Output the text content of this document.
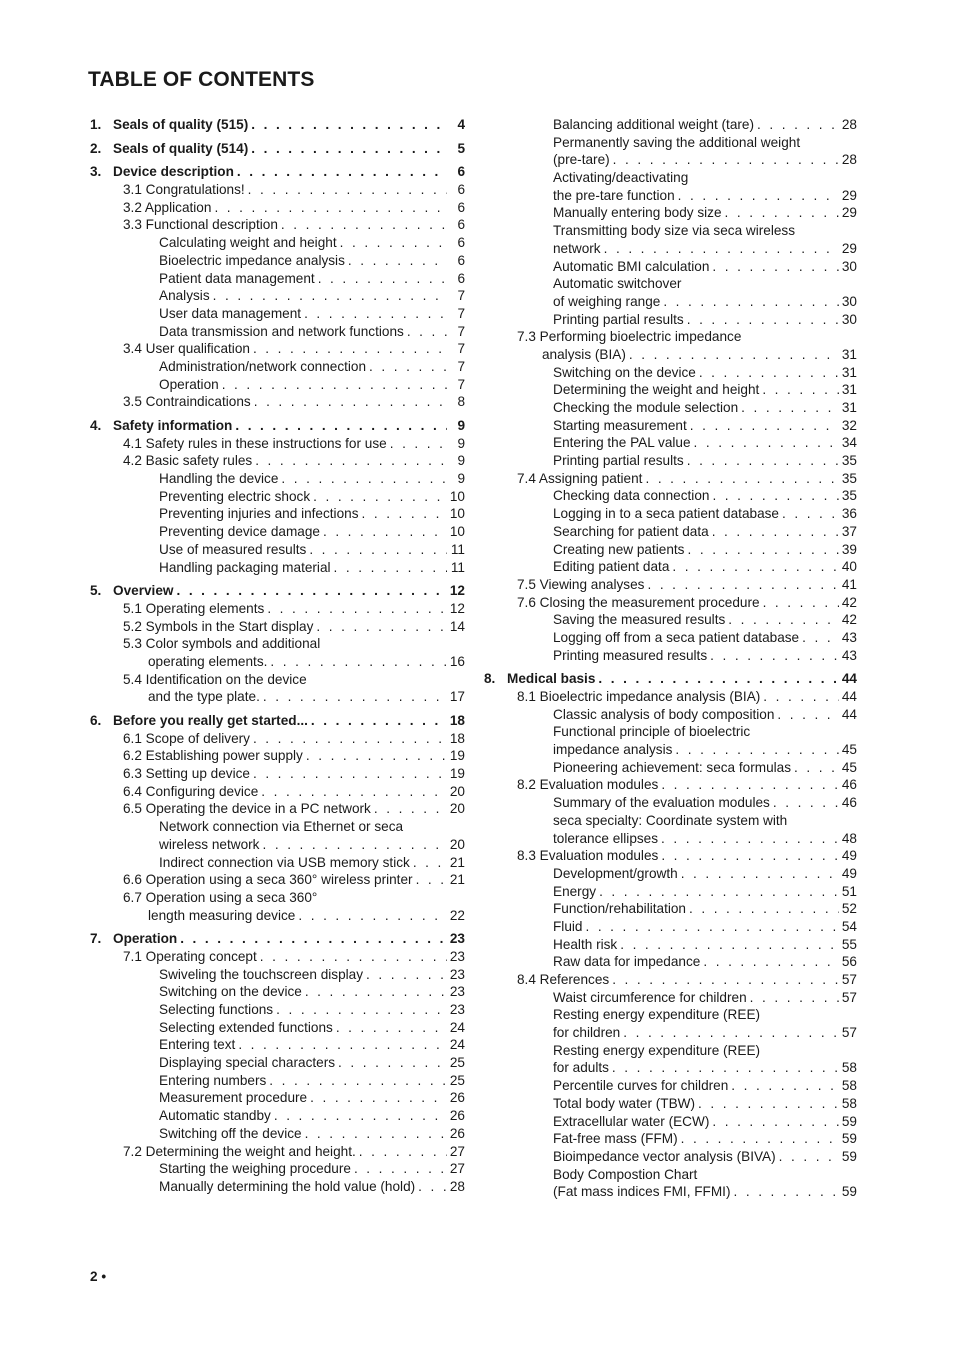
TABLE OF CONTENTS
1. Seals of quality (515) . . .	4
2. Seals of quality (514) . . .	5
3. Device description . . .	6
3.1 Congratulations! . . .	6
3.2 Application . . .	6
3.3 Functional description . . .	6
Calculating weight and height . . .	6
Bioelectric impedance analysis . . .	6
Patient data management . . .	6
Analysis . . .	7
User data management . . .	7
Data transmission and network functions . . .	7
3.4 User qualification . . .	7
Administration/network connection . . .	7
Operation . . .	7
3.5 Contraindications . . .	8
4. Safety information . . .	9
4.1 Safety rules in these instructions for use . . .	9
4.2 Basic safety rules . . .	9
Handling the device . . .	9
Preventing electric shock . . .	10
Preventing injuries and infections . . .	10
Preventing device damage . . .	10
Use of measured results . . .	11
Handling packaging material . . .	11
5. Overview . . .	12
5.1 Operating elements . . .	12
5.2 Symbols in the Start display . . .	14
5.3 Color symbols and additional
operating elements. . . .	16
5.4 Identification on the device
and the type plate. . . .	17
6. Before you really get started... . . .	18
6.1 Scope of delivery . . .	18
6.2 Establishing power supply . . .	19
6.3 Setting up device . . .	19
6.4 Configuring device . . .	20
6.5 Operating the device in a PC network . . .	20
Network connection via Ethernet or seca
wireless network . . .	20
Indirect connection via USB memory stick . . .	21
6.6 Operation using a seca 360° wireless printer . . .	21
6.7 Operation using a seca 360°
length measuring device . . .	22
7. Operation . . .	23
7.1 Operating concept . . .	23
Swiveling the touchscreen display . . .	23
Switching on the device . . .	23
Selecting functions . . .	23
Selecting extended functions . . .	24
Entering text . . .	24
Displaying special characters . . .	25
Entering numbers . . .	25
Measurement procedure . . .	26
Automatic standby . . .	26
Switching off the device . . .	26
7.2 Determining the weight and height. . . .	27
Starting the weighing procedure . . .	27
Manually determining the hold value (hold) . . .	28
Balancing additional weight (tare) . . .	28
Permanently saving the additional weight
(pre-tare) . . .	28
Activating/deactivating
the pre-tare function . . .	29
Manually entering body size . . .	29
Transmitting body size via seca wireless
network . . .	29
Automatic BMI calculation . . .	30
Automatic switchover
of weighing range . . .	30
Printing partial results . . .	30
7.3 Performing bioelectric impedance
analysis (BIA) . . .	31
Switching on the device . . .	31
Determining the weight and height . . .	31
Checking the module selection . . .	31
Starting measurement . . .	32
Entering the PAL value . . .	34
Printing partial results . . .	35
7.4 Assigning patient . . .	35
Checking data connection . . .	35
Logging in to a seca patient database . . .	36
Searching for patient data . . .	37
Creating new patients . . .	39
Editing patient data . . .	40
7.5 Viewing analyses . . .	41
7.6 Closing the measurement procedure . . .	42
Saving the measured results . . .	42
Logging off from a seca patient database . . .	43
Printing measured results . . .	43
8. Medical basis . . .	44
8.1 Bioelectric impedance analysis (BIA) . . .	44
Classic analysis of body composition . . .	44
Functional principle of bioelectric
impedance analysis . . .	45
Pioneering achievement: seca formulas . . .	45
8.2 Evaluation modules . . .	46
Summary of the evaluation modules . . .	46
seca specialty: Coordinate system with
tolerance ellipses . . .	48
8.3 Evaluation modules . . .	49
Development/growth . . .	49
Energy . . .	51
Function/rehabilitation . . .	52
Fluid . . .	54
Health risk . . .	55
Raw data for impedance . . .	56
8.4 References . . .	57
Waist circumference for children . . .	57
Resting energy expenditure (REE)
for children . . .	57
Resting energy expenditure (REE)
for adults . . .	58
Percentile curves for children . . .	58
Total body water (TBW) . . .	58
Extracellular water (ECW) . . .	59
Fat-free mass (FFM) . . .	59
Bioimpedance vector analysis (BIVA) . . .	59
Body Compostion Chart
(Fat mass indices FMI, FFMI) . . .	59
2 •
